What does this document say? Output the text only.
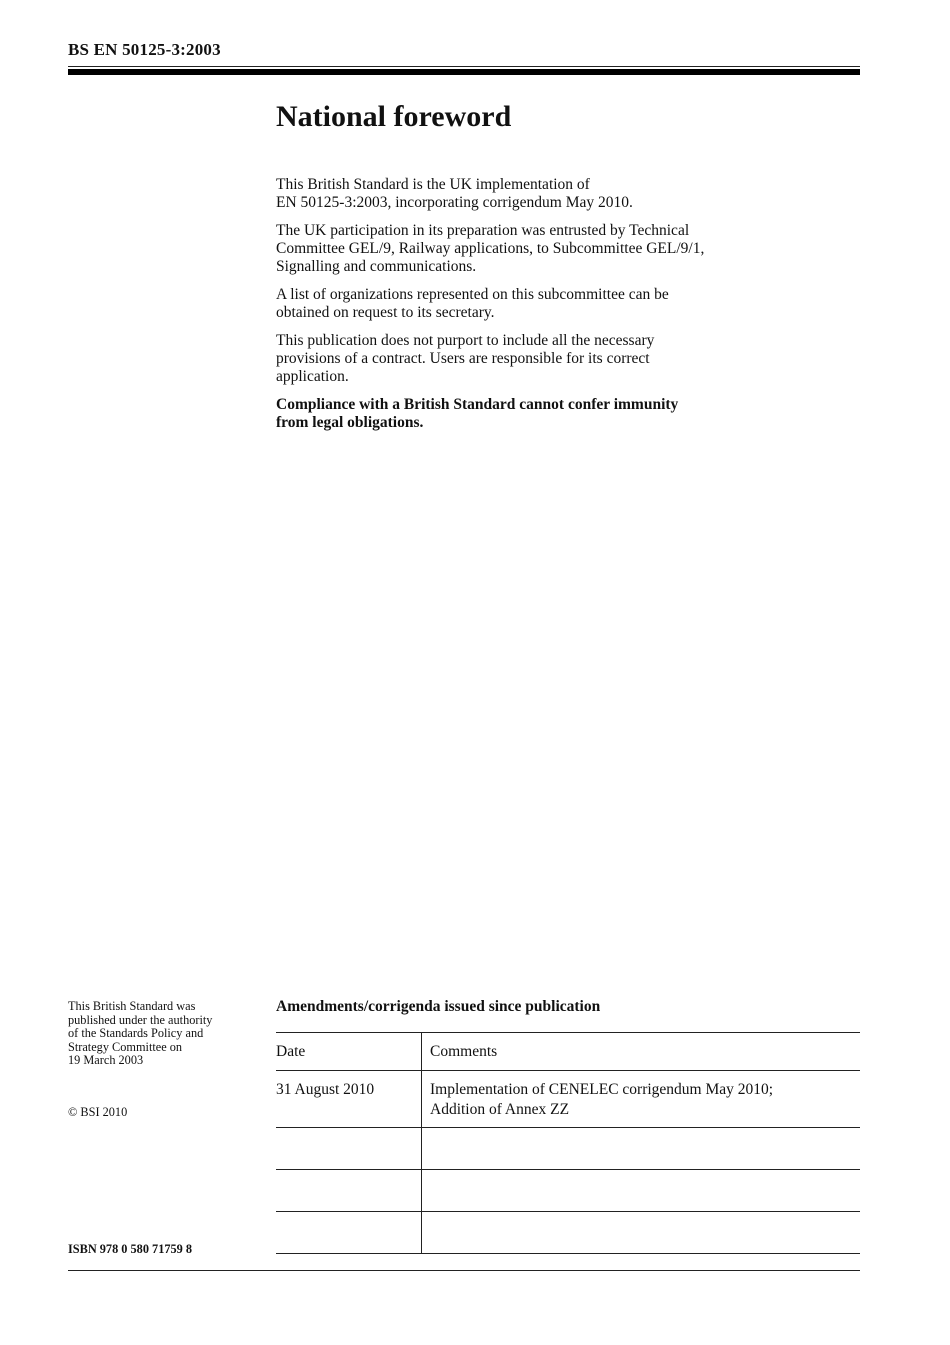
BS EN 50125-3:2003
National foreword

This British Standard is the UK implementation of
EN 50125-3:2003, incorporating corrigendum May 2010.

The UK participation in its preparation was entrusted by Technical
Committee GEL/9, Railway applications, to Subcommittee GEL/9/1,
Signalling and communications.

A list of organizations represented on this subcommittee can be
obtained on request to its secretary.

This publication does not purport to include all the necessary
provisions of a contract. Users are responsible for its correct
application.

Compliance with a British Standard cannot confer immunity
from legal obligations.

This British Standard was
published under the authority
of the Standards Policy and
Strategy Committee on
19 March 2003
© BSI 2010
ISBN 978 0 580 71759 8
Amendments/corrigenda issued since publication
Date	Comments
31 August 2010	Implementation of CENELEC corrigendum May 2010;
Addition of Annex ZZ
